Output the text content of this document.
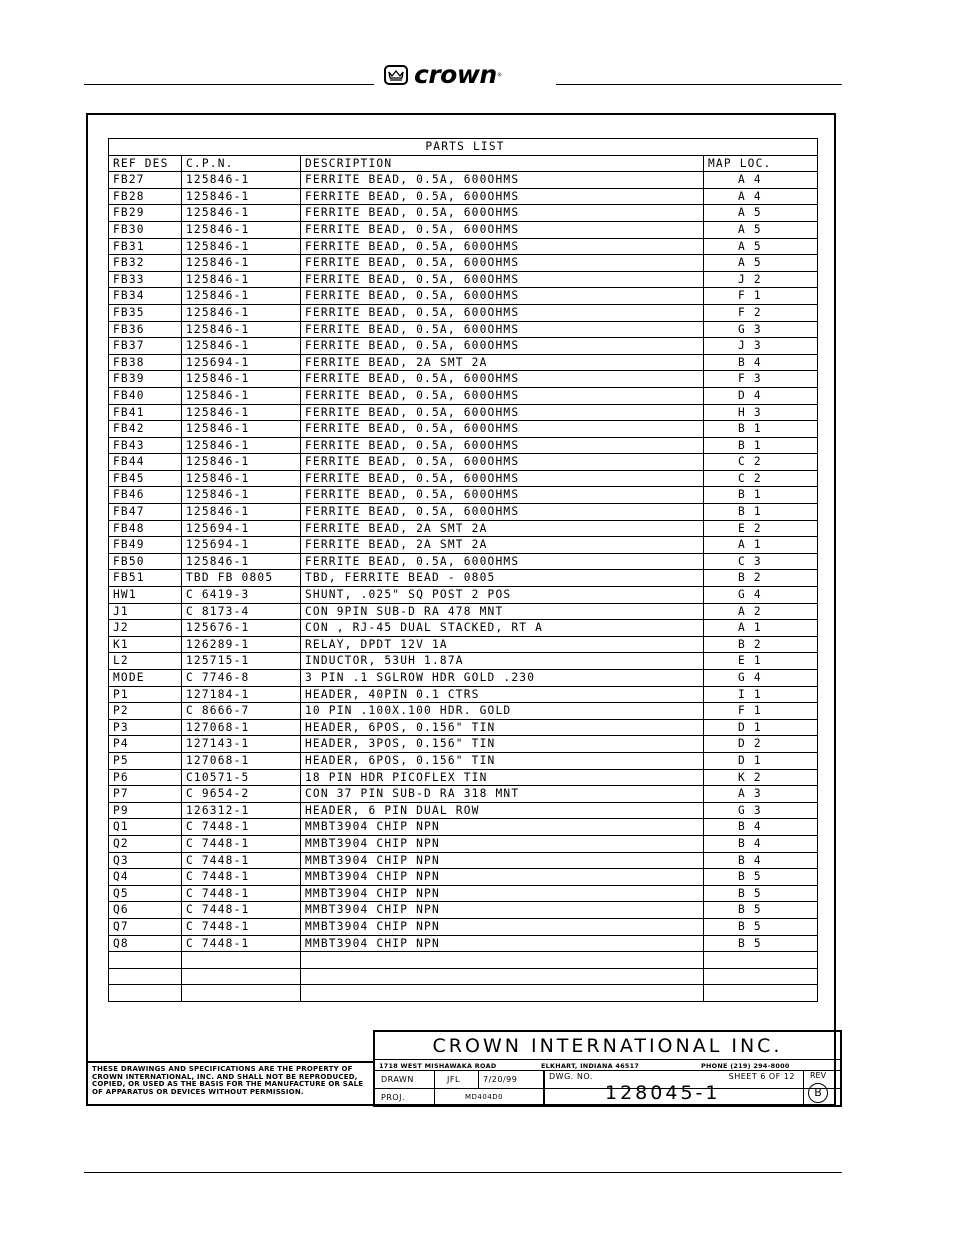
crown ®
PARTS LIST			
REF DES	C.P.N.	DESCRIPTION	MAP LOC.
FB27	125846-1	FERRITE BEAD, 0.5A, 600OHMS	A 4
FB28	125846-1	FERRITE BEAD, 0.5A, 600OHMS	A 4
FB29	125846-1	FERRITE BEAD, 0.5A, 600OHMS	A 5
FB30	125846-1	FERRITE BEAD, 0.5A, 600OHMS	A 5
FB31	125846-1	FERRITE BEAD, 0.5A, 600OHMS	A 5
FB32	125846-1	FERRITE BEAD, 0.5A, 600OHMS	A 5
FB33	125846-1	FERRITE BEAD, 0.5A, 600OHMS	J 2
FB34	125846-1	FERRITE BEAD, 0.5A, 600OHMS	F 1
FB35	125846-1	FERRITE BEAD, 0.5A, 600OHMS	F 2
FB36	125846-1	FERRITE BEAD, 0.5A, 600OHMS	G 3
FB37	125846-1	FERRITE BEAD, 0.5A, 600OHMS	J 3
FB38	125694-1	FERRITE BEAD, 2A SMT 2A	B 4
FB39	125846-1	FERRITE BEAD, 0.5A, 600OHMS	F 3
FB40	125846-1	FERRITE BEAD, 0.5A, 600OHMS	D 4
FB41	125846-1	FERRITE BEAD, 0.5A, 600OHMS	H 3
FB42	125846-1	FERRITE BEAD, 0.5A, 600OHMS	B 1
FB43	125846-1	FERRITE BEAD, 0.5A, 600OHMS	B 1
FB44	125846-1	FERRITE BEAD, 0.5A, 600OHMS	C 2
FB45	125846-1	FERRITE BEAD, 0.5A, 600OHMS	C 2
FB46	125846-1	FERRITE BEAD, 0.5A, 600OHMS	B 1
FB47	125846-1	FERRITE BEAD, 0.5A, 600OHMS	B 1
FB48	125694-1	FERRITE BEAD, 2A SMT 2A	E 2
FB49	125694-1	FERRITE BEAD, 2A SMT 2A	A 1
FB50	125846-1	FERRITE BEAD, 0.5A, 600OHMS	C 3
FB51	TBD FB 0805	TBD, FERRITE BEAD - 0805	B 2
HW1	C 6419-3	SHUNT, .025" SQ POST 2 POS	G 4
J1	C 8173-4	CON 9PIN SUB-D RA 478 MNT	A 2
J2	125676-1	CON , RJ-45 DUAL STACKED, RT A	A 1
K1	126289-1	RELAY, DPDT 12V 1A	B 2
L2	125715-1	INDUCTOR, 53UH 1.87A	E 1
MODE	C 7746-8	3 PIN .1 SGLROW HDR GOLD .230	G 4
P1	127184-1	HEADER, 40PIN 0.1 CTRS	I 1
P2	C 8666-7	10 PIN .100X.100 HDR. GOLD	F 1
P3	127068-1	HEADER, 6POS, 0.156" TIN	D 1
P4	127143-1	HEADER, 3POS, 0.156" TIN	D 2
P5	127068-1	HEADER, 6POS, 0.156" TIN	D 1
P6	C10571-5	18 PIN HDR PICOFLEX TIN	K 2
P7	C 9654-2	CON 37 PIN SUB-D RA 318 MNT	A 3
P9	126312-1	HEADER, 6 PIN DUAL ROW	G 3
Q1	C 7448-1	MMBT3904 CHIP NPN	B 4
Q2	C 7448-1	MMBT3904 CHIP NPN	B 4
Q3	C 7448-1	MMBT3904 CHIP NPN	B 4
Q4	C 7448-1	MMBT3904 CHIP NPN	B 5
Q5	C 7448-1	MMBT3904 CHIP NPN	B 5
Q6	C 7448-1	MMBT3904 CHIP NPN	B 5
Q7	C 7448-1	MMBT3904 CHIP NPN	B 5
Q8	C 7448-1	MMBT3904 CHIP NPN	B 5

THESE DRAWINGS AND SPECIFICATIONS ARE THE PROPERTY OF CROWN INTERNATIONAL, INC. AND SHALL NOT BE REPRODUCED, COPIED, OR USED AS THE BASIS FOR THE MANUFACTURE OR SALE OF APPARATUS OR DEVICES WITHOUT PERMISSION.
CROWN INTERNATIONAL INC.
1718 WEST MISHAWAKA ROAD	ELKHART, INDIANA 46517	PHONE (219) 294-8000
DRAWN	JFL	7/20/99
PROJ.	MD404D0
DWG. NO.	SHEET 6 OF 12
128045-1
REV
B
